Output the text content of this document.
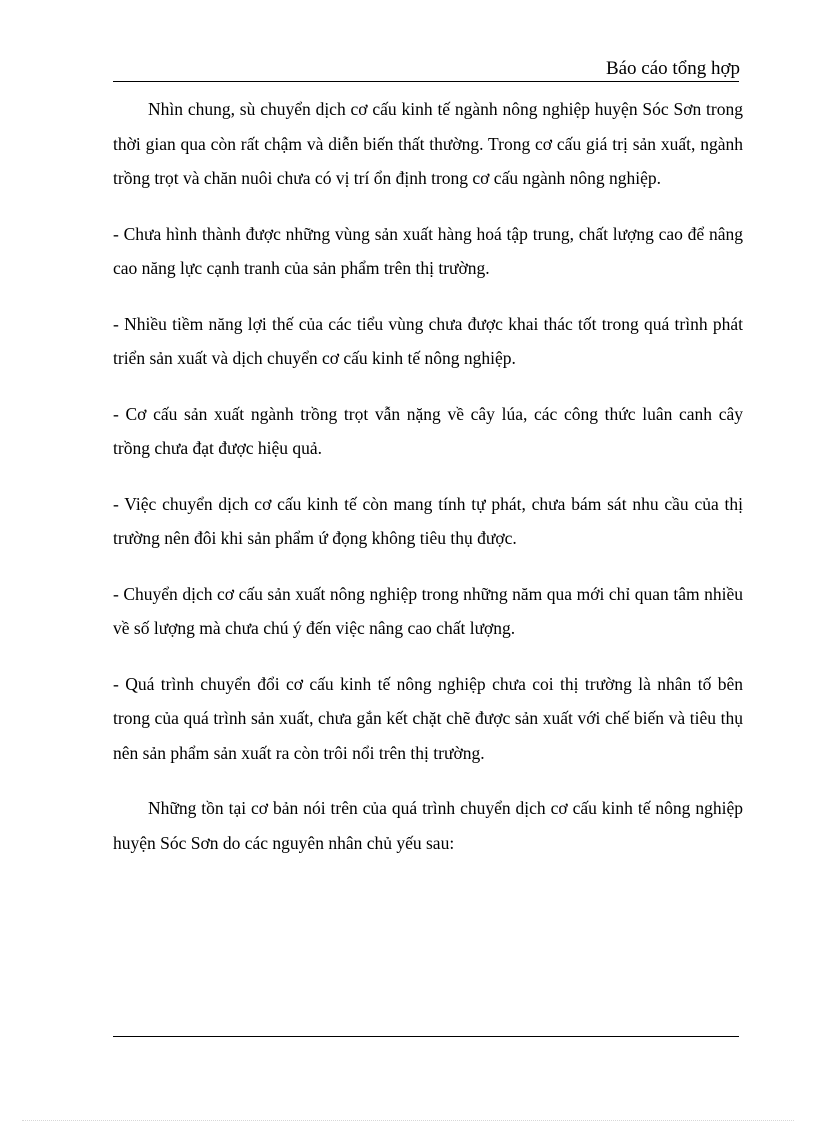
Báo cáo tổng hợp

Nhìn chung, sù chuyển dịch cơ cấu kinh tế ngành nông nghiệp huyện Sóc Sơn trong thời gian qua còn rất chậm và diễn biến thất thường. Trong cơ cấu giá trị sản xuất, ngành trồng trọt và chăn nuôi chưa có vị trí ổn định trong cơ cấu ngành nông nghiệp.

- Chưa hình thành được những vùng sản xuất hàng hoá tập trung, chất lượng cao để nâng cao năng lực cạnh tranh của sản phẩm trên thị trường.

- Nhiều tiềm năng lợi thế của các tiểu vùng chưa được khai thác tốt trong quá trình phát triển sản xuất và dịch chuyển cơ cấu kinh tế nông nghiệp.

- Cơ cấu sản xuất ngành trồng trọt vẫn nặng về cây lúa, các công thức luân canh cây trồng chưa đạt được hiệu quả.

- Việc chuyển dịch cơ cấu kinh tế còn mang tính tự phát, chưa bám sát nhu cầu của thị trường nên đôi khi sản phẩm ứ đọng không tiêu thụ được.

- Chuyển dịch cơ cấu sản xuất nông nghiệp trong những năm qua mới chỉ quan tâm nhiều về số lượng mà chưa chú ý đến việc nâng cao chất lượng.

- Quá trình chuyển đổi cơ cấu kinh tế nông nghiệp chưa coi thị trường là nhân tố bên trong của quá trình sản xuất, chưa gắn kết chặt chẽ được sản xuất với chế biến và tiêu thụ nên sản phẩm sản xuất ra còn trôi nổi trên thị trường.

Những tồn tại cơ bản nói trên của quá trình chuyển dịch cơ cấu kinh tế nông nghiệp huyện Sóc Sơn do các nguyên nhân chủ yếu sau:
